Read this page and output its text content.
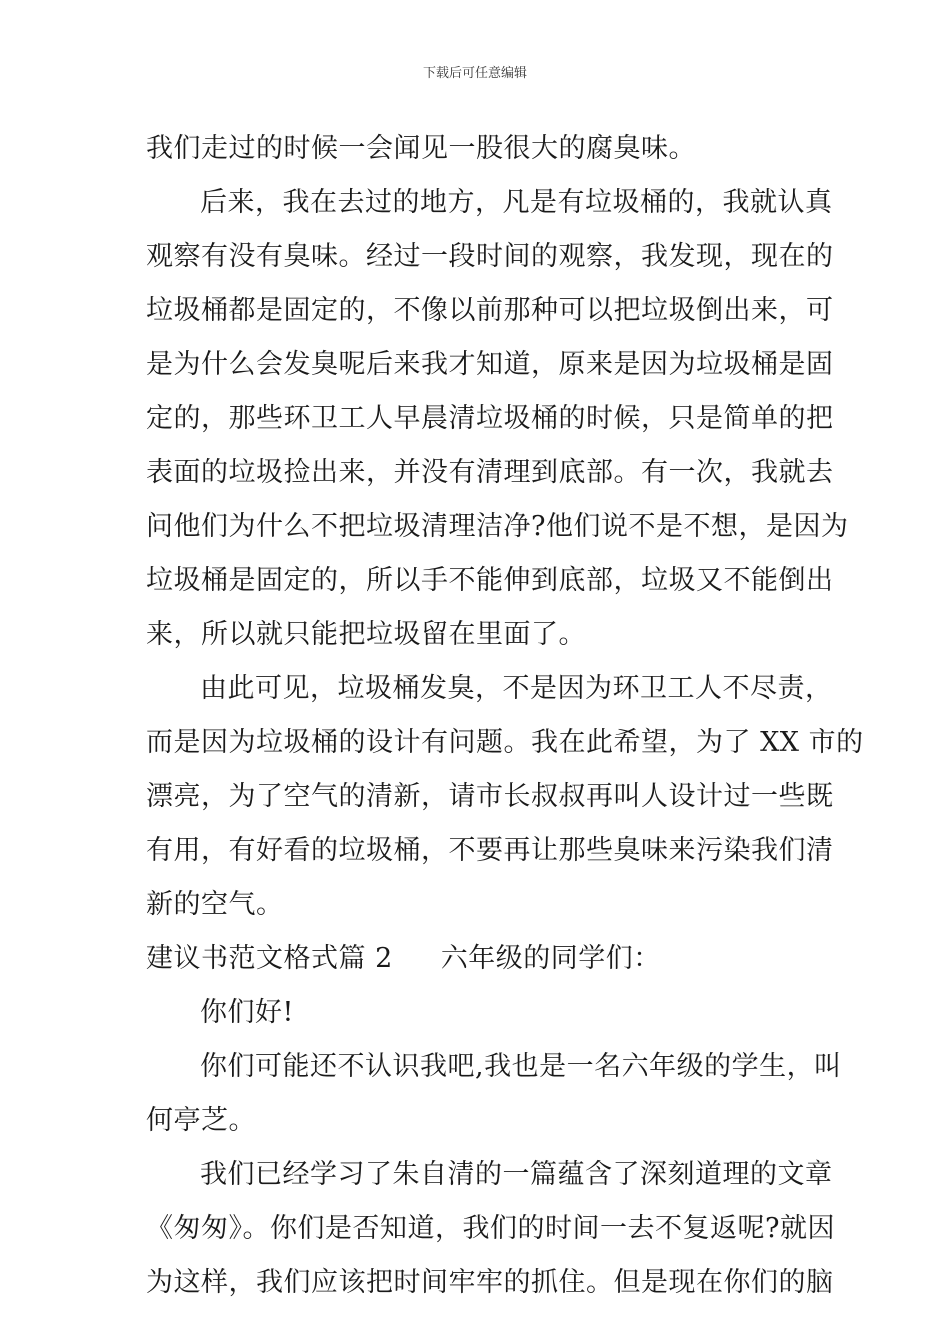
下载后可任意编辑
我们走过的时候一会闻见一股很大的腐臭味。
后来，我在去过的地方，凡是有垃圾桶的，我就认真
观察有没有臭味。经过一段时间的观察，我发现，现在的
垃圾桶都是固定的，不像以前那种可以把垃圾倒出来，可
是为什么会发臭呢后来我才知道，原来是因为垃圾桶是固
定的，那些环卫工人早晨清垃圾桶的时候，只是简单的把
表面的垃圾捡出来，并没有清理到底部。有一次，我就去
问他们为什么不把垃圾清理洁净?他们说不是不想，是因为
垃圾桶是固定的，所以手不能伸到底部，垃圾又不能倒出
来，所以就只能把垃圾留在里面了。
由此可见，垃圾桶发臭，不是因为环卫工人不尽责，
而是因为垃圾桶的设计有问题。我在此希望，为了 XX 市的
漂亮，为了空气的清新，请市长叔叔再叫人设计过一些既
有用，有好看的垃圾桶，不要再让那些臭味来污染我们清
新的空气。
建议书范文格式篇 2 六年级的同学们：
你们好!
你们可能还不认识我吧,我也是一名六年级的学生，叫
何亭芝。
我们已经学习了朱自清的一篇蕴含了深刻道理的文章
《匆匆》。你们是否知道，我们的时间一去不复返呢?就因
为这样，我们应该把时间牢牢的抓住。但是现在你们的脑
